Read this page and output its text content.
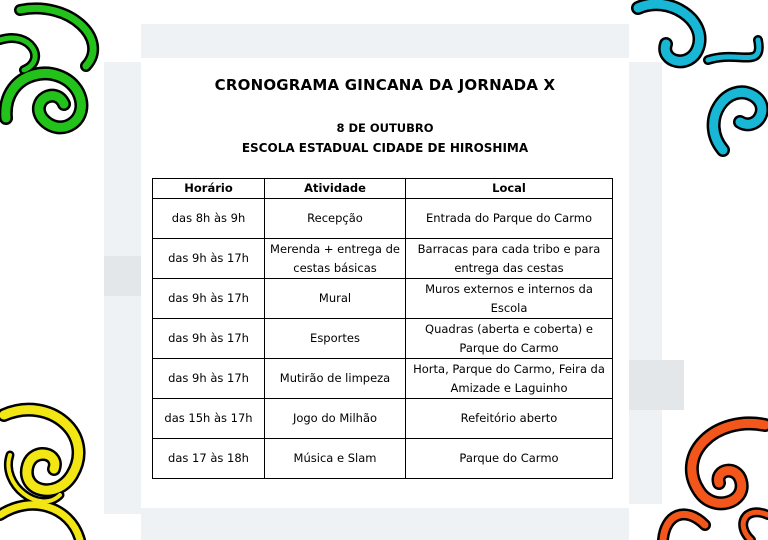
CRONOGRAMA GINCANA DA JORNADA X
8 DE OUTUBRO
ESCOLA ESTADUAL CIDADE DE HIROSHIMA
Horário	Atividade	Local
das 8h às 9h	Recepção	Entrada do Parque do Carmo
das 9h às 17h	Merenda + entrega de cestas básicas	Barracas para cada tribo e para entrega das cestas
das 9h às 17h	Mural	Muros externos e internos da Escola
das 9h às 17h	Esportes	Quadras (aberta e coberta) e Parque do Carmo
das 9h às 17h	Mutirão de limpeza	Horta, Parque do Carmo, Feira da Amizade e Laguinho
das 15h às 17h	Jogo do Milhão	Refeitório aberto
das 17 às 18h	Música e Slam	Parque do Carmo
